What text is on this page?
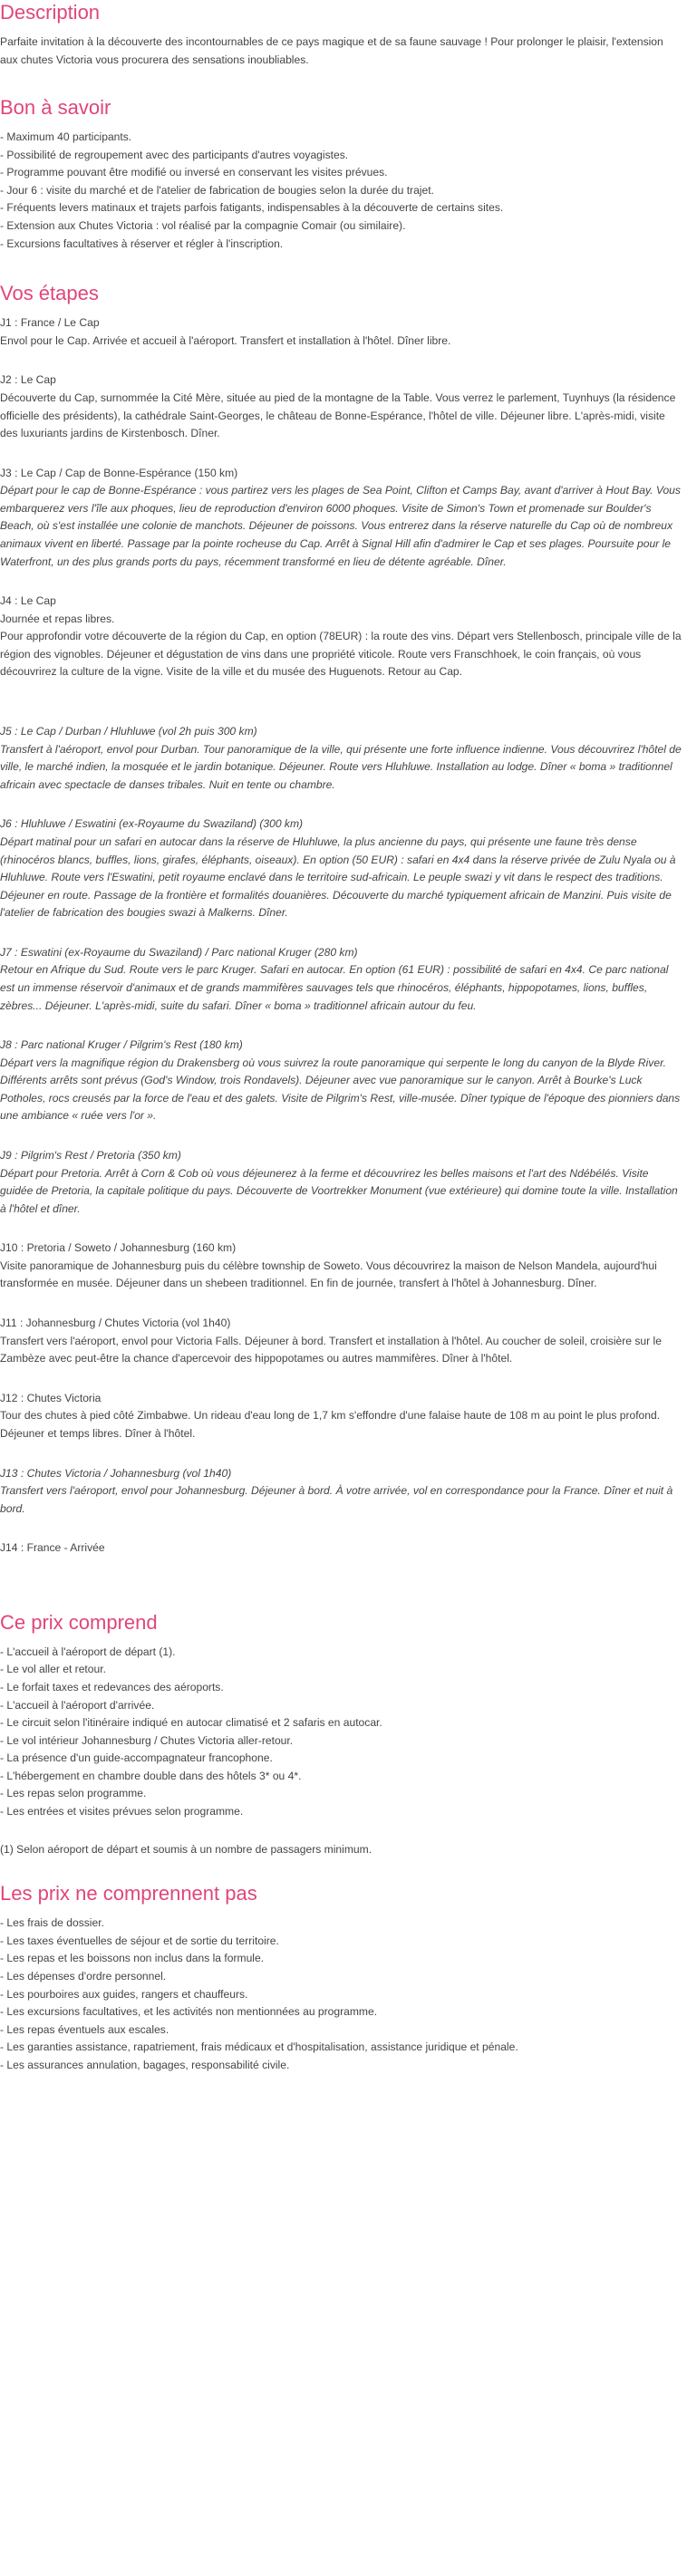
Description

Parfaite invitation à la découverte des incontournables de ce pays magique et de sa faune sauvage ! Pour prolonger le plaisir, l'extension aux chutes Victoria vous procurera des sensations inoubliables.

Bon à savoir
- Maximum 40 participants.
- Possibilité de regroupement avec des participants d'autres voyagistes.
- Programme pouvant être modifié ou inversé en conservant les visites prévues.
- Jour 6 : visite du marché et de l'atelier de fabrication de bougies selon la durée du trajet.
- Fréquents levers matinaux et trajets parfois fatigants, indispensables à la découverte de certains sites.
- Extension aux Chutes Victoria : vol réalisé par la compagnie Comair (ou similaire).
- Excursions facultatives à réserver et régler à l'inscription.
Vos étapes
J1 : France / Le Cap
Envol pour le Cap. Arrivée et accueil à l'aéroport. Transfert et installation à l'hôtel. Dîner libre.
J2 : Le Cap
Découverte du Cap, surnommée la Cité Mère, située au pied de la montagne de la Table. Vous verrez le parlement, Tuynhuys (la résidence officielle des présidents), la cathédrale Saint-Georges, le château de Bonne-Espérance, l'hôtel de ville. Déjeuner libre. L'après-midi, visite des luxuriants jardins de Kirstenbosch. Dîner.
J3 : Le Cap / Cap de Bonne-Espérance (150 km)
Départ pour le cap de Bonne-Espérance : vous partirez vers les plages de Sea Point, Clifton et Camps Bay, avant d'arriver à Hout Bay. Vous embarquerez vers l'île aux phoques, lieu de reproduction d'environ 6000 phoques. Visite de Simon's Town et promenade sur Boulder's Beach, où s'est installée une colonie de manchots. Déjeuner de poissons. Vous entrerez dans la réserve naturelle du Cap où de nombreux animaux vivent en liberté. Passage par la pointe rocheuse du Cap. Arrêt à Signal Hill afin d'admirer le Cap et ses plages. Poursuite pour le Waterfront, un des plus grands ports du pays, récemment transformé en lieu de détente agréable. Dîner.
J4 : Le Cap
Journée et repas libres.
Pour approfondir votre découverte de la région du Cap, en option (78EUR) : la route des vins. Départ vers Stellenbosch, principale ville de la région des vignobles. Déjeuner et dégustation de vins dans une propriété viticole. Route vers Franschhoek, le coin français, où vous découvrirez la culture de la vigne. Visite de la ville et du musée des Huguenots. Retour au Cap.
J5 : Le Cap / Durban / Hluhluwe (vol 2h puis 300 km)
Transfert à l'aéroport, envol pour Durban. Tour panoramique de la ville, qui présente une forte influence indienne. Vous découvrirez l'hôtel de ville, le marché indien, la mosquée et le jardin botanique. Déjeuner. Route vers Hluhluwe. Installation au lodge. Dîner « boma » traditionnel africain avec spectacle de danses tribales. Nuit en tente ou chambre.
J6 : Hluhluwe / Eswatini (ex-Royaume du Swaziland) (300 km)
Départ matinal pour un safari en autocar dans la réserve de Hluhluwe, la plus ancienne du pays, qui présente une faune très dense (rhinocéros blancs, buffles, lions, girafes, éléphants, oiseaux). En option (50 EUR) : safari en 4x4 dans la réserve privée de Zulu Nyala ou à Hluhluwe. Route vers l'Eswatini, petit royaume enclavé dans le territoire sud-africain. Le peuple swazi y vit dans le respect des traditions. Déjeuner en route. Passage de la frontière et formalités douanières. Découverte du marché typiquement africain de Manzini. Puis visite de l'atelier de fabrication des bougies swazi à Malkerns. Dîner.
J7 : Eswatini (ex-Royaume du Swaziland) / Parc national Kruger (280 km)
Retour en Afrique du Sud. Route vers le parc Kruger. Safari en autocar. En option (61 EUR) : possibilité de safari en 4x4. Ce parc national est un immense réservoir d'animaux et de grands mammifères sauvages tels que rhinocéros, éléphants, hippopotames, lions, buffles, zèbres... Déjeuner. L'après-midi, suite du safari. Dîner « boma » traditionnel africain autour du feu.
J8 : Parc national Kruger / Pilgrim's Rest (180 km)
Départ vers la magnifique région du Drakensberg où vous suivrez la route panoramique qui serpente le long du canyon de la Blyde River. Différents arrêts sont prévus (God's Window, trois Rondavels). Déjeuner avec vue panoramique sur le canyon. Arrêt à Bourke's Luck Potholes, rocs creusés par la force de l'eau et des galets. Visite de Pilgrim's Rest, ville-musée. Dîner typique de l'époque des pionniers dans une ambiance « ruée vers l'or ».
J9 : Pilgrim's Rest / Pretoria (350 km)
Départ pour Pretoria. Arrêt à Corn & Cob où vous déjeunerez à la ferme et découvrirez les belles maisons et l'art des Ndébélés. Visite guidée de Pretoria, la capitale politique du pays. Découverte de Voortrekker Monument (vue extérieure) qui domine toute la ville. Installation à l'hôtel et dîner.
J10 : Pretoria / Soweto / Johannesburg (160 km)
Visite panoramique de Johannesburg puis du célèbre township de Soweto. Vous découvrirez la maison de Nelson Mandela, aujourd'hui transformée en musée. Déjeuner dans un shebeen traditionnel. En fin de journée, transfert à l'hôtel à Johannesburg. Dîner.
J11 : Johannesburg / Chutes Victoria (vol 1h40)
Transfert vers l'aéroport, envol pour Victoria Falls. Déjeuner à bord. Transfert et installation à l'hôtel. Au coucher de soleil, croisière sur le Zambèze avec peut-être la chance d'apercevoir des hippopotames ou autres mammifères. Dîner à l'hôtel.
J12 : Chutes Victoria
Tour des chutes à pied côté Zimbabwe. Un rideau d'eau long de 1,7 km s'effondre d'une falaise haute de 108 m au point le plus profond. Déjeuner et temps libres. Dîner à l'hôtel.
J13 : Chutes Victoria / Johannesburg (vol 1h40)
Transfert vers l'aéroport, envol pour Johannesburg. Déjeuner à bord. À votre arrivée, vol en correspondance pour la France. Dîner et nuit à bord.
J14 : France - Arrivée
Ce prix comprend
- L'accueil à l'aéroport de départ (1).
- Le vol aller et retour.
- Le forfait taxes et redevances des aéroports.
- L'accueil à l'aéroport d'arrivée.
- Le circuit selon l'itinéraire indiqué en autocar climatisé et 2 safaris en autocar.
- Le vol intérieur Johannesburg / Chutes Victoria aller-retour.
- La présence d'un guide-accompagnateur francophone.
- L'hébergement en chambre double dans des hôtels 3* ou 4*.
- Les repas selon programme.
- Les entrées et visites prévues selon programme.

(1) Selon aéroport de départ et soumis à un nombre de passagers minimum.

Les prix ne comprennent pas
- Les frais de dossier.
- Les taxes éventuelles de séjour et de sortie du territoire.
- Les repas et les boissons non inclus dans la formule.
- Les dépenses d'ordre personnel.
- Les pourboires aux guides, rangers et chauffeurs.
- Les excursions facultatives, et les activités non mentionnées au programme.
- Les repas éventuels aux escales.
- Les garanties assistance, rapatriement, frais médicaux et d'hospitalisation, assistance juridique et pénale.
- Les assurances annulation, bagages, responsabilité civile.
